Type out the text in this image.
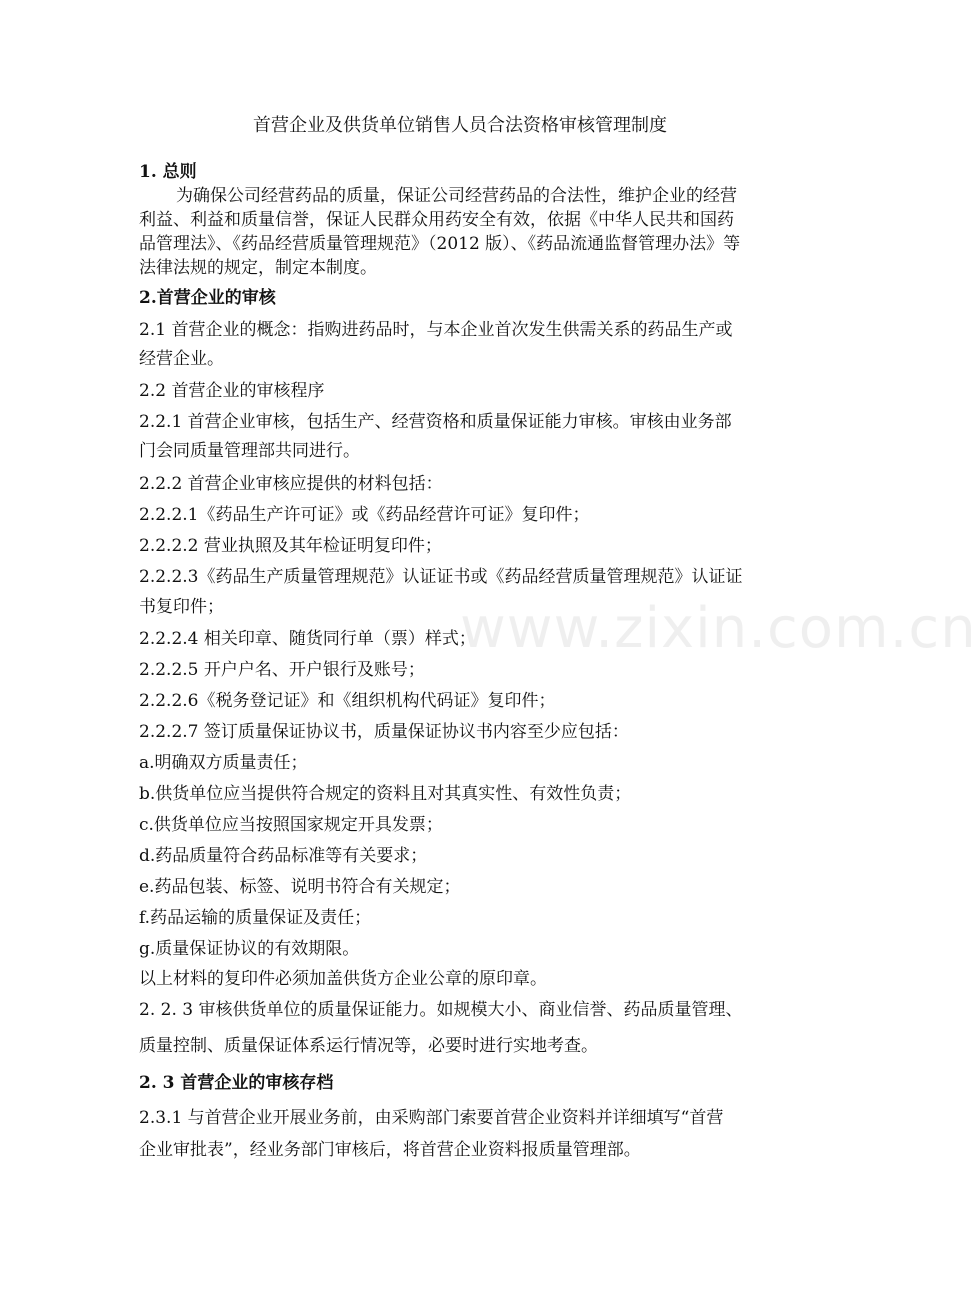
首营企业及供货单位销售人员合法资格审核管理制度
1. 总则
为确保公司经营药品的质量，保证公司经营药品的合法性，维护企业的经营
利益、利益和质量信誉，保证人民群众用药安全有效，依据《中华人民共和国药
品管理法》、《药品经营质量管理规范》（2012 版）、《药品流通监督管理办法》等
法律法规的规定，制定本制度。
2.首营企业的审核
2.1 首营企业的概念：指购进药品时，与本企业首次发生供需关系的药品生产或
经营企业。
2.2 首营企业的审核程序
2.2.1 首营企业审核，包括生产、经营资格和质量保证能力审核。审核由业务部
门会同质量管理部共同进行。
2.2.2 首营企业审核应提供的材料包括：
2.2.2.1《药品生产许可证》或《药品经营许可证》复印件；
2.2.2.2 营业执照及其年检证明复印件；
2.2.2.3《药品生产质量管理规范》认证证书或《药品经营质量管理规范》认证证
书复印件；
2.2.2.4 相关印章、随货同行单（票）样式；
2.2.2.5 开户户名、开户银行及账号；
2.2.2.6《税务登记证》和《组织机构代码证》复印件；
2.2.2.7 签订质量保证协议书，质量保证协议书内容至少应包括：
a.明确双方质量责任；
b.供货单位应当提供符合规定的资料且对其真实性、有效性负责；
c.供货单位应当按照国家规定开具发票；
d.药品质量符合药品标准等有关要求；
e.药品包装、标签、说明书符合有关规定；
f.药品运输的质量保证及责任；
g.质量保证协议的有效期限。
以上材料的复印件必须加盖供货方企业公章的原印章。
2. 2. 3 审核供货单位的质量保证能力。如规模大小、商业信誉、药品质量管理、
质量控制、质量保证体系运行情况等，必要时进行实地考查。
2. 3 首营企业的审核存档
2.3.1 与首营企业开展业务前，由采购部门索要首营企业资料并详细填写“首营
企业审批表”，经业务部门审核后，将首营企业资料报质量管理部。
www.zixin.com.cn
